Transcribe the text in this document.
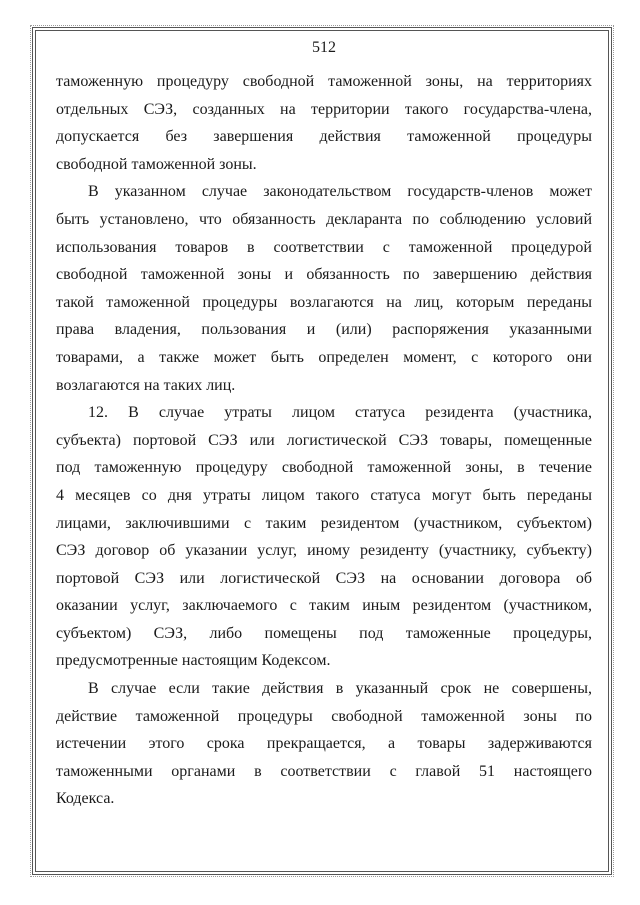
512

таможенную процедуру свободной таможенной зоны, на территориях

отдельных СЭЗ, созданных на территории такого государства-члена,

допускается без завершения действия таможенной процедуры

свободной таможенной зоны.

В указанном случае законодательством государств-членов может

быть установлено, что обязанность декларанта по соблюдению условий

использования товаров в соответствии с таможенной процедурой

свободной таможенной зоны и обязанность по завершению действия

такой таможенной процедуры возлагаются на лиц, которым переданы

права владения, пользования и (или) распоряжения указанными

товарами, а также может быть определен момент, с которого они

возлагаются на таких лиц.

12. В случае утраты лицом статуса резидента (участника,

субъекта) портовой СЭЗ или логистической СЭЗ товары, помещенные

под таможенную процедуру свободной таможенной зоны, в течение

4 месяцев со дня утраты лицом такого статуса могут быть переданы

лицами, заключившими с таким резидентом (участником, субъектом)

СЭЗ договор об указании услуг, иному резиденту (участнику, субъекту)

портовой СЭЗ или логистической СЭЗ на основании договора об

оказании услуг, заключаемого с таким иным резидентом (участником,

субъектом) СЭЗ, либо помещены под таможенные процедуры,

предусмотренные настоящим Кодексом.

В случае если такие действия в указанный срок не совершены,

действие таможенной процедуры свободной таможенной зоны по

истечении этого срока прекращается, а товары задерживаются

таможенными органами в соответствии с главой 51 настоящего

Кодекса.
